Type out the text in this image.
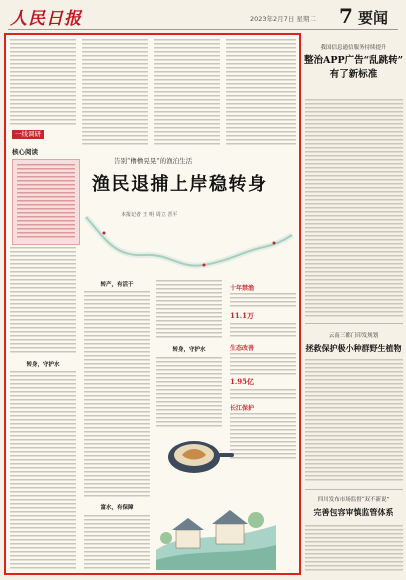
人民日报	2023年2月7日 星期二 7 要闻
一线调研
核心阅读
告别“橹橹晃晃”的渔泊生活
渔民退捕上岸稳转身
本报记者 王 明 周立 晋平
转身，守护水
转产，有活干
转身，守护水
十年禁渔
11.1万
生态改善
1.95亿
长江保护
富水，有保障
我国信息通信服务持续提升
整治APP广告“乱跳转”
有了新标准
云南三都门印发规划
拯救保护极小种群野生植物
四川发布市场监督“双不新说”
完善包容审慎监管体系
